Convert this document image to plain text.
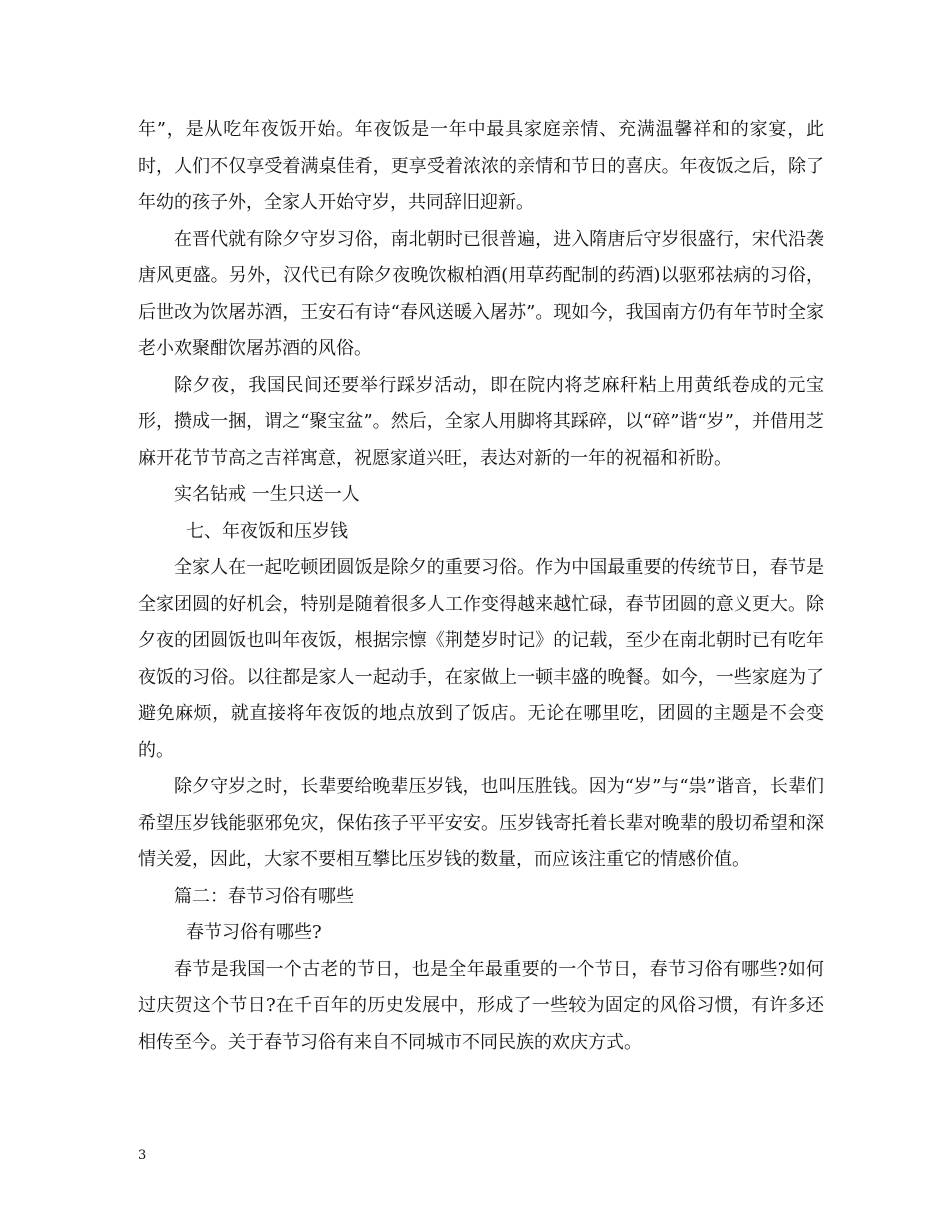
年”，是从吃年夜饭开始。年夜饭是一年中最具家庭亲情、充满温馨祥和的家宴，此时，人们不仅享受着满桌佳肴，更享受着浓浓的亲情和节日的喜庆。年夜饭之后，除了年幼的孩子外，全家人开始守岁，共同辞旧迎新。

在晋代就有除夕守岁习俗，南北朝时已很普遍，进入隋唐后守岁很盛行，宋代沿袭唐风更盛。另外，汉代已有除夕夜晚饮椒柏酒(用草药配制的药酒)以驱邪祛病的习俗，后世改为饮屠苏酒，王安石有诗“春风送暖入屠苏”。现如今，我国南方仍有年节时全家老小欢聚酣饮屠苏酒的风俗。

除夕夜，我国民间还要举行踩岁活动，即在院内将芝麻秆粘上用黄纸卷成的元宝形，攒成一捆，谓之“聚宝盆”。然后，全家人用脚将其踩碎，以“碎”谐“岁”，并借用芝麻开花节节高之吉祥寓意，祝愿家道兴旺，表达对新的一年的祝福和祈盼。

实名钻戒 一生只送一人

七、年夜饭和压岁钱

全家人在一起吃顿团圆饭是除夕的重要习俗。作为中国最重要的传统节日，春节是全家团圆的好机会，特别是随着很多人工作变得越来越忙碌，春节团圆的意义更大。除夕夜的团圆饭也叫年夜饭，根据宗懔《荆楚岁时记》的记载，至少在南北朝时已有吃年夜饭的习俗。以往都是家人一起动手，在家做上一顿丰盛的晚餐。如今，一些家庭为了避免麻烦，就直接将年夜饭的地点放到了饭店。无论在哪里吃，团圆的主题是不会变的。

除夕守岁之时，长辈要给晚辈压岁钱，也叫压胜钱。因为“岁”与“祟”谐音，长辈们希望压岁钱能驱邪免灾，保佑孩子平平安安。压岁钱寄托着长辈对晚辈的殷切希望和深情关爱，因此，大家不要相互攀比压岁钱的数量，而应该注重它的情感价值。

篇二：春节习俗有哪些

春节习俗有哪些?

春节是我国一个古老的节日，也是全年最重要的一个节日，春节习俗有哪些?如何过庆贺这个节日?在千百年的历史发展中，形成了一些较为固定的风俗习惯，有许多还相传至今。关于春节习俗有来自不同城市不同民族的欢庆方式。

3
